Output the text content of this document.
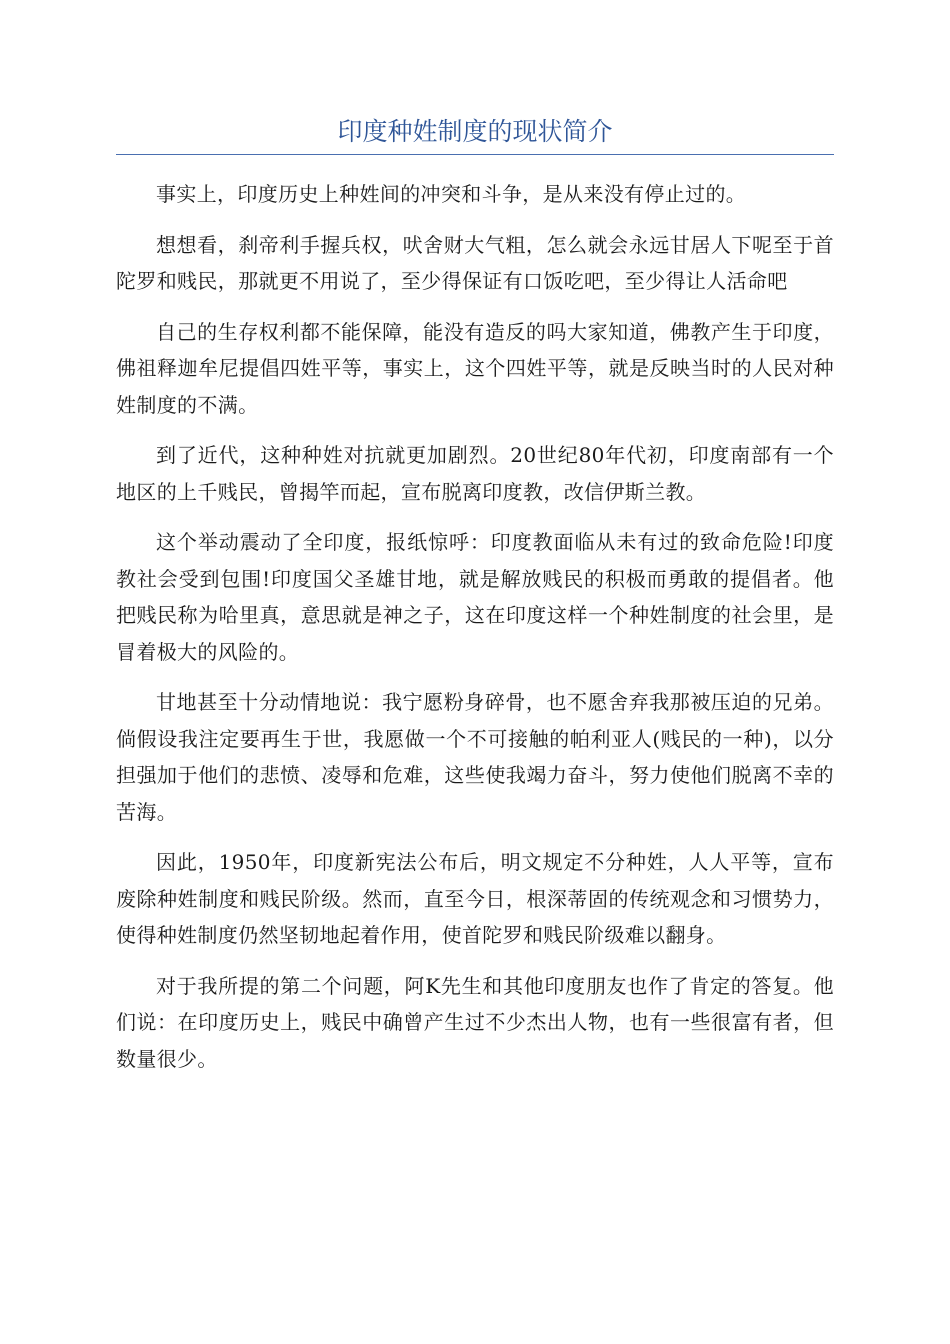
印度种姓制度的现状简介

事实上，印度历史上种姓间的冲突和斗争，是从来没有停止过的。

想想看，刹帝利手握兵权，吠舍财大气粗，怎么就会永远甘居人下呢至于首陀罗和贱民，那就更不用说了，至少得保证有口饭吃吧，至少得让人活命吧

自己的生存权利都不能保障，能没有造反的吗大家知道，佛教产生于印度，佛祖释迦牟尼提倡四姓平等，事实上，这个四姓平等，就是反映当时的人民对种姓制度的不满。

到了近代，这种种姓对抗就更加剧烈。20世纪80年代初，印度南部有一个地区的上千贱民，曾揭竿而起，宣布脱离印度教，改信伊斯兰教。

这个举动震动了全印度，报纸惊呼：印度教面临从未有过的致命危险!印度教社会受到包围!印度国父圣雄甘地，就是解放贱民的积极而勇敢的提倡者。他把贱民称为哈里真，意思就是神之子，这在印度这样一个种姓制度的社会里，是冒着极大的风险的。

甘地甚至十分动情地说：我宁愿粉身碎骨，也不愿舍弃我那被压迫的兄弟。倘假设我注定要再生于世，我愿做一个不可接触的帕利亚人(贱民的一种)，以分担强加于他们的悲愤、凌辱和危难，这些使我竭力奋斗，努力使他们脱离不幸的苦海。

因此，1950年，印度新宪法公布后，明文规定不分种姓，人人平等，宣布废除种姓制度和贱民阶级。然而，直至今日，根深蒂固的传统观念和习惯势力，使得种姓制度仍然坚韧地起着作用，使首陀罗和贱民阶级难以翻身。

对于我所提的第二个问题，阿K先生和其他印度朋友也作了肯定的答复。他们说：在印度历史上，贱民中确曾产生过不少杰出人物，也有一些很富有者，但数量很少。
